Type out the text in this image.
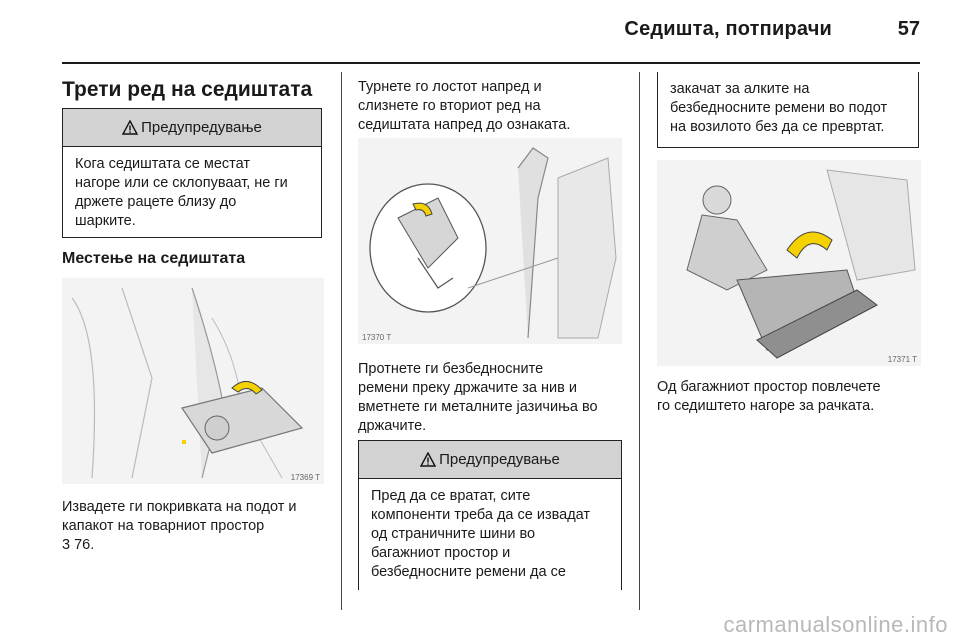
Седишта, потпирачи	57
Трети ред на седиштата
Предупредување
Кога седиштата се местат
нагоре или се склопуваат, не ги
држете рацете близу до
шарките.
Местење на седиштата
17369 T
Извадете ги покривката на подот и
капакот на товарниот простор
3 76.
Турнете го лостот напред и
слизнете го вториот ред на
седиштата напред до ознаката.
17370 T
Протнете ги безбедносните
ремени преку држачите за нив и
вметнете ги металните јазичиња во
држачите.
Предупредување
Пред да се вратат, сите
компоненти треба да се извадат
од страничните шини во
багажниот простор и
безбедносните ремени да се
закачат за алките на
безбедносните ремени во подот
на возилото без да се превртат.
17371 T
Од багажниот простор повлечете
го седиштето нагоре за рачката.
carmanualsonline.info
